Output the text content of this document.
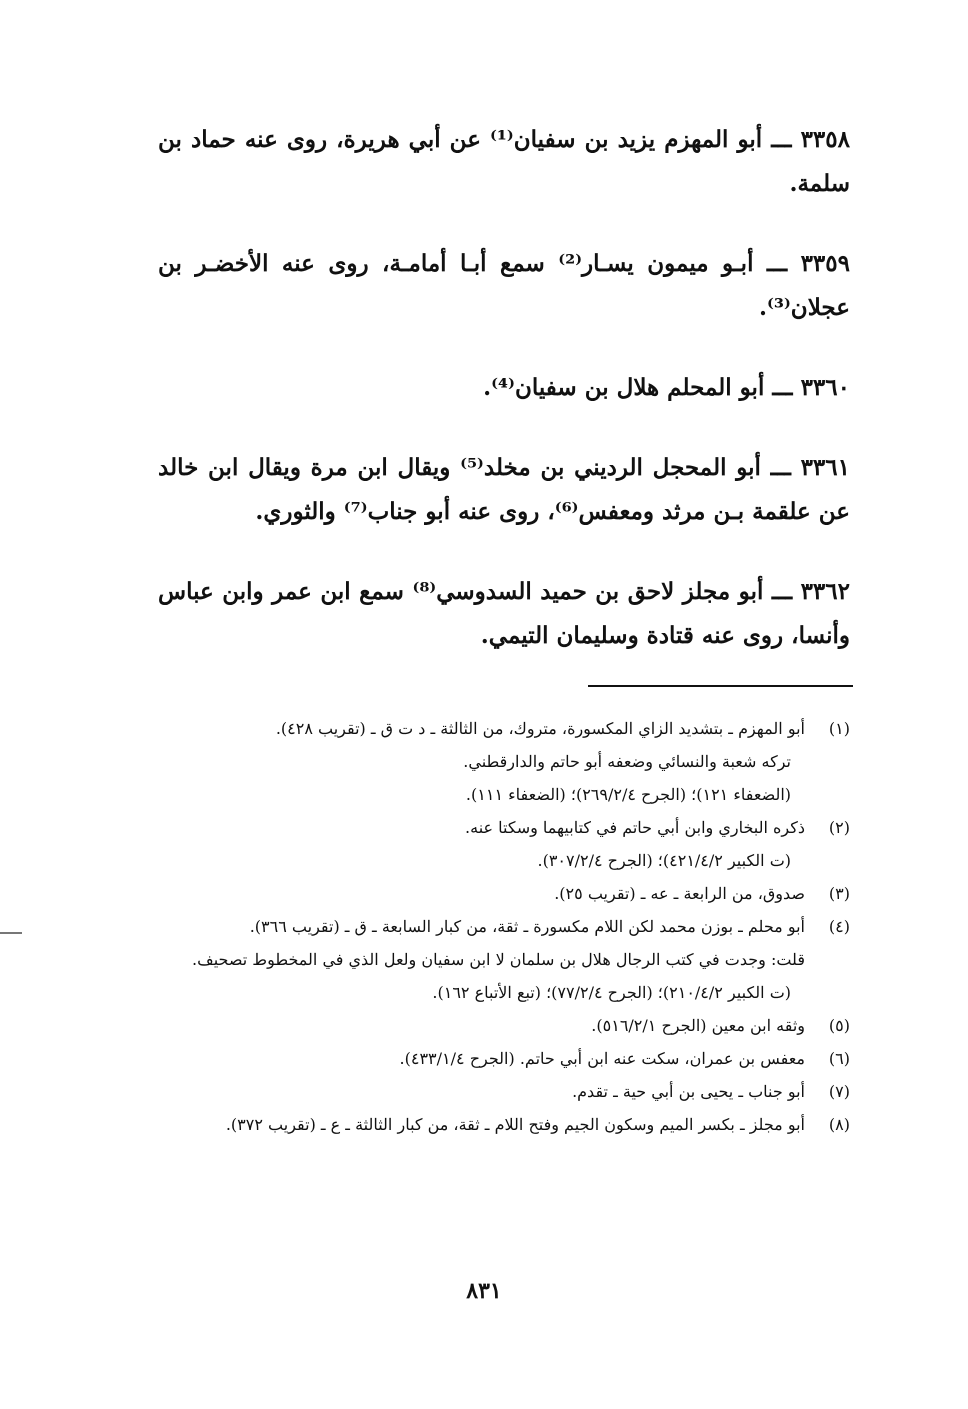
٣٣٥٨ ـــ أبو المهزم يزيد بن سفيان⁽¹⁾ عن أبي هريرة، روى عنه حماد بن سلمة.
٣٣٥٩ ـــ أبـو ميمون يسـار⁽²⁾ سمع أبـا أمامـة، روى عنه الأخضـر بن عجلان⁽³⁾.
٣٣٦٠ ـــ أبو المحلم هلال بن سفيان⁽⁴⁾.
٣٣٦١ ـــ أبو المحجل الرديني بن مخلد⁽⁵⁾ ويقال ابن مرة ويقال ابن خالد عن علقمة بـن مرثد ومعفس⁽⁶⁾، روى عنه أبو جناب⁽⁷⁾ والثوري.
٣٣٦٢ ـــ أبو مجلز لاحق بن حميد السدوسي⁽⁸⁾ سمع ابن عمر وابن عباس وأنسا، روى عنه قتادة وسليمان التيمي.
(١)
أبو المهزم ـ بتشديد الزاي المكسورة، متروك، من الثالثة ـ د ت ق ـ (تقريب ٤٢٨).
تركه شعبة والنسائي وضعفه أبو حاتم والدارقطني.
(الضعفاء ١٢١)؛ (الجرح ٢٦٩/٢/٤)؛ (الضعفاء ١١١).
(٢)
ذكره البخاري وابن أبي حاتم في كتابيهما وسكتا عنه.
(ت الكبير ٤٢١/٤/٢)؛ (الجرح ٣٠٧/٢/٤).
(٣)
صدوق، من الرابعة ـ عه ـ (تقريب ٢٥).
(٤)
أبو محلم ـ بوزن محمد لكن اللام مكسورة ـ ثقة، من كبار السابعة ـ ق ـ (تقريب ٣٦٦).
قلت: وجدت في كتب الرجال هلال بن سلمان لا ابن سفيان ولعل الذي في المخطوط تصحيف.
(ت الكبير ٢١٠/٤/٢)؛ (الجرح ٧٧/٢/٤)؛ (تبع الأتباع ١٦٢).
(٥)
وثقه ابن معين (الجرح ٥١٦/٢/١).
(٦)
معفس بن عمران، سكت عنه ابن أبي حاتم. (الجرح ٤٣٣/١/٤).
(٧)
أبو جناب ـ يحيى بن أبي حية ـ تقدم.
(٨)
أبو مجلز ـ بكسر الميم وسكون الجيم وفتح اللام ـ ثقة، من كبار الثالثة ـ ع ـ (تقريب ٣٧٢).
٨٣١
